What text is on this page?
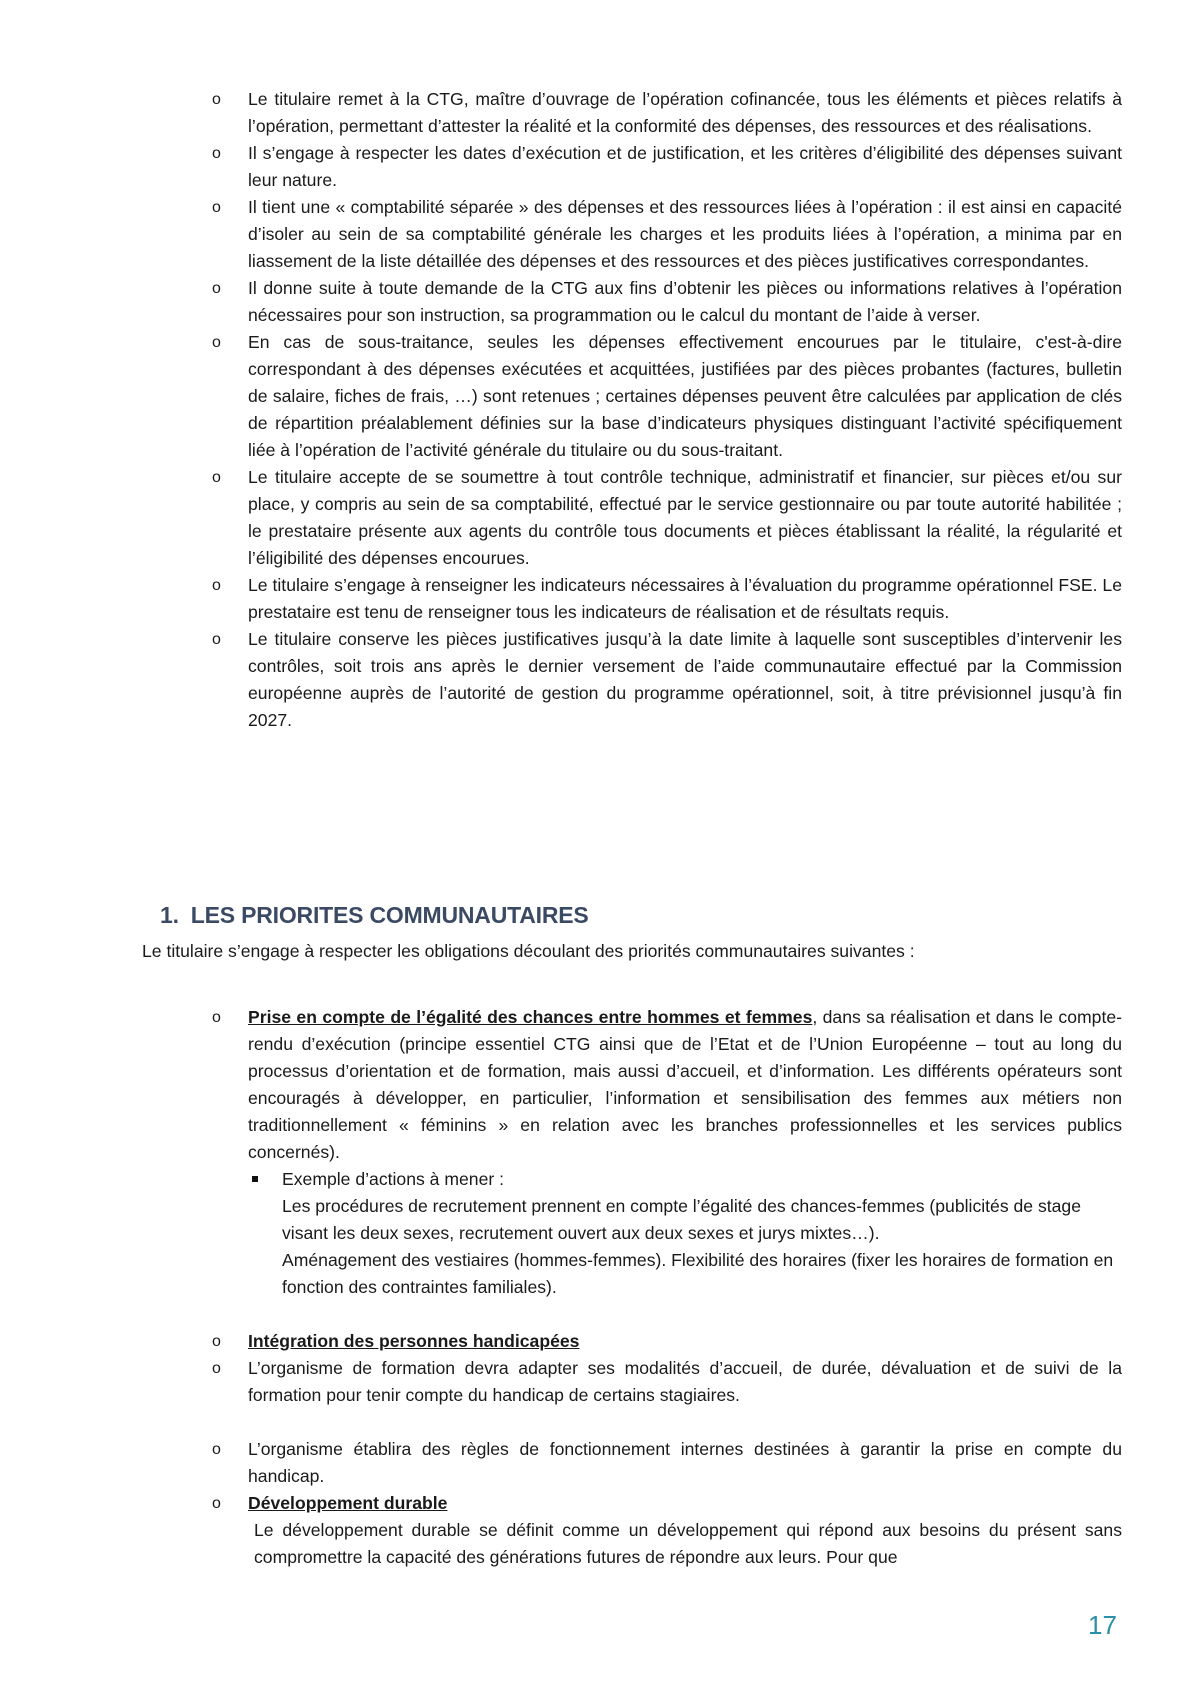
o Le titulaire remet à la CTG, maître d’ouvrage de l’opération cofinancée, tous les éléments et pièces relatifs à l’opération, permettant d’attester la réalité et la conformité des dépenses, des ressources et des réalisations.
o Il s’engage à respecter les dates d’exécution et de justification, et les critères d’éligibilité des dépenses suivant leur nature.
o Il tient une « comptabilité séparée » des dépenses et des ressources liées à l’opération : il est ainsi en capacité d’isoler au sein de sa comptabilité générale les charges et les produits liées à l’opération, a minima par en liassement de la liste détaillée des dépenses et des ressources et des pièces justificatives correspondantes.
o Il donne suite à toute demande de la CTG aux fins d’obtenir les pièces ou informations relatives à l’opération nécessaires pour son instruction, sa programmation ou le calcul du montant de l’aide à verser.
o En cas de sous-traitance, seules les dépenses effectivement encourues par le titulaire, c'est-à-dire correspondant à des dépenses exécutées et acquittées, justifiées par des pièces probantes (factures, bulletin de salaire, fiches de frais, …) sont retenues ; certaines dépenses peuvent être calculées par application de clés de répartition préalablement définies sur la base d’indicateurs physiques distinguant l’activité spécifiquement liée à l’opération de l’activité générale du titulaire ou du sous-traitant.
o Le titulaire accepte de se soumettre à tout contrôle technique, administratif et financier, sur pièces et/ou sur place, y compris au sein de sa comptabilité, effectué par le service gestionnaire ou par toute autorité habilitée ; le prestataire présente aux agents du contrôle tous documents et pièces établissant la réalité, la régularité et l’éligibilité des dépenses encourues.
o Le titulaire s’engage à renseigner les indicateurs nécessaires à l’évaluation du programme opérationnel FSE. Le prestataire est tenu de renseigner tous les indicateurs de réalisation et de résultats requis.
o Le titulaire conserve les pièces justificatives jusqu’à la date limite à laquelle sont susceptibles d’intervenir les contrôles, soit trois ans après le dernier versement de l’aide communautaire effectué par la Commission européenne auprès de l’autorité de gestion du programme opérationnel, soit, à titre prévisionnel jusqu’à fin 2027.
1. LES PRIORITES COMMUNAUTAIRES
Le titulaire s’engage à respecter les obligations découlant des priorités communautaires suivantes :
o Prise en compte de l’égalité des chances entre hommes et femmes, dans sa réalisation et dans le compte-rendu d’exécution (principe essentiel CTG ainsi que de l’Etat et de l’Union Européenne – tout au long du processus d’orientation et de formation, mais aussi d’accueil, et d’information. Les différents opérateurs sont encouragés à développer, en particulier, l’information et sensibilisation des femmes aux métiers non traditionnellement « féminins » en relation avec les branches professionnelles et les services publics concernés).
Exemple d’actions à mener :
Les procédures de recrutement prennent en compte l’égalité des chances-femmes (publicités de stage visant les deux sexes, recrutement ouvert aux deux sexes et jurys mixtes…).
Aménagement des vestiaires (hommes-femmes). Flexibilité des horaires (fixer les horaires de formation en fonction des contraintes familiales).
o Intégration des personnes handicapées
o L’organisme de formation devra adapter ses modalités d’accueil, de durée, dévaluation et de suivi de la formation pour tenir compte du handicap de certains stagiaires.
o L’organisme établira des règles de fonctionnement internes destinées à garantir la prise en compte du handicap.
o Développement durable
Le développement durable se définit comme un développement qui répond aux besoins du présent sans compromettre la capacité des générations futures de répondre aux leurs. Pour que
17
